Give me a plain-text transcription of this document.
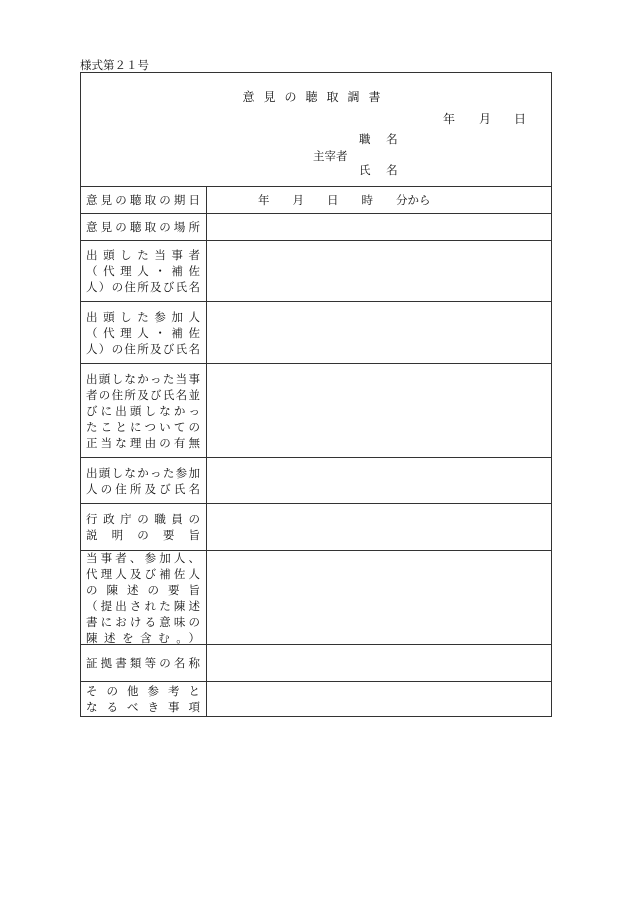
様式第２１号
意見の聴取調書
年 月 日
主宰者
職 名
氏 名
意見の聴取の期日	年　　月　　日　　時　　分から
意見の聴取の場所
出頭した当事者
（代理人・補佐
人）の住所及び氏名
出頭した参加人
（代理人・補佐
人）の住所及び氏名
出頭しなかった当事
者の住所及び氏名並
びに出頭しなかっ
たことについての
正当な理由の有無
出頭しなかった参加
人の住所及び氏名
行政庁の職員の
説　明　の　要　旨
当事者、参加人、
代理人及び補佐人
の陳述の要旨
（提出された陳述
書における意味の
陳述を含む。）
証拠書類等の名称
その他参考と
なるべき事項
